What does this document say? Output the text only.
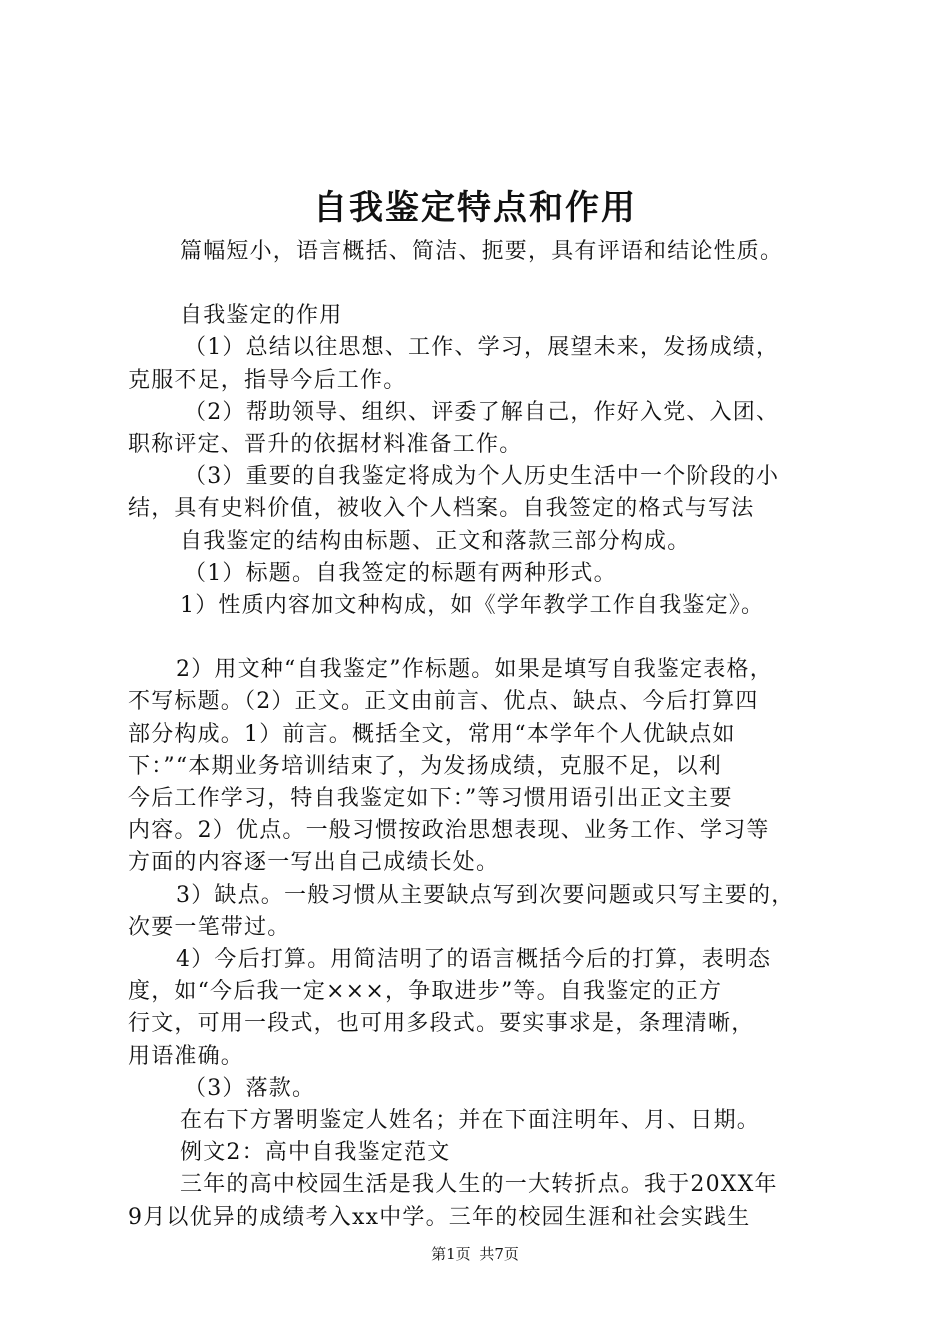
自我鉴定特点和作用

篇幅短小，语言概括、简洁、扼要，具有评语和结论性质。

自我鉴定的作用

（1）总结以往思想、工作、学习，展望未来，发扬成绩，

克服不足，指导今后工作。

（2）帮助领导、组织、评委了解自己，作好入党、入团、

职称评定、晋升的依据材料准备工作。

（3）重要的自我鉴定将成为个人历史生活中一个阶段的小

结，具有史料价值，被收入个人档案。自我签定的格式与写法

自我鉴定的结构由标题、正文和落款三部分构成。

（1）标题。自我签定的标题有两种形式。

1）性质内容加文种构成，如《学年教学工作自我鉴定》。

2）用文种“自我鉴定”作标题。如果是填写自我鉴定表格，

不写标题。（2）正文。正文由前言、优点、缺点、今后打算四

部分构成。1）前言。概括全文，常用“本学年个人优缺点如

下：”“本期业务培训结束了，为发扬成绩，克服不足，以利

今后工作学习，特自我鉴定如下：”等习惯用语引出正文主要

内容。2）优点。一般习惯按政治思想表现、业务工作、学习等

方面的内容逐一写出自己成绩长处。

3）缺点。一般习惯从主要缺点写到次要问题或只写主要的，

次要一笔带过。

4）今后打算。用简洁明了的语言概括今后的打算，表明态

度，如“今后我一定×××，争取进步”等。自我鉴定的正方

行文，可用一段式，也可用多段式。要实事求是，条理清晰，

用语准确。

（3）落款。

在右下方署明鉴定人姓名；并在下面注明年、月、日期。

例文2：高中自我鉴定范文

三年的高中校园生活是我人生的一大转折点。我于20XX年

9月以优异的成绩考入xx中学。三年的校园生涯和社会实践生

第1页 共7页
